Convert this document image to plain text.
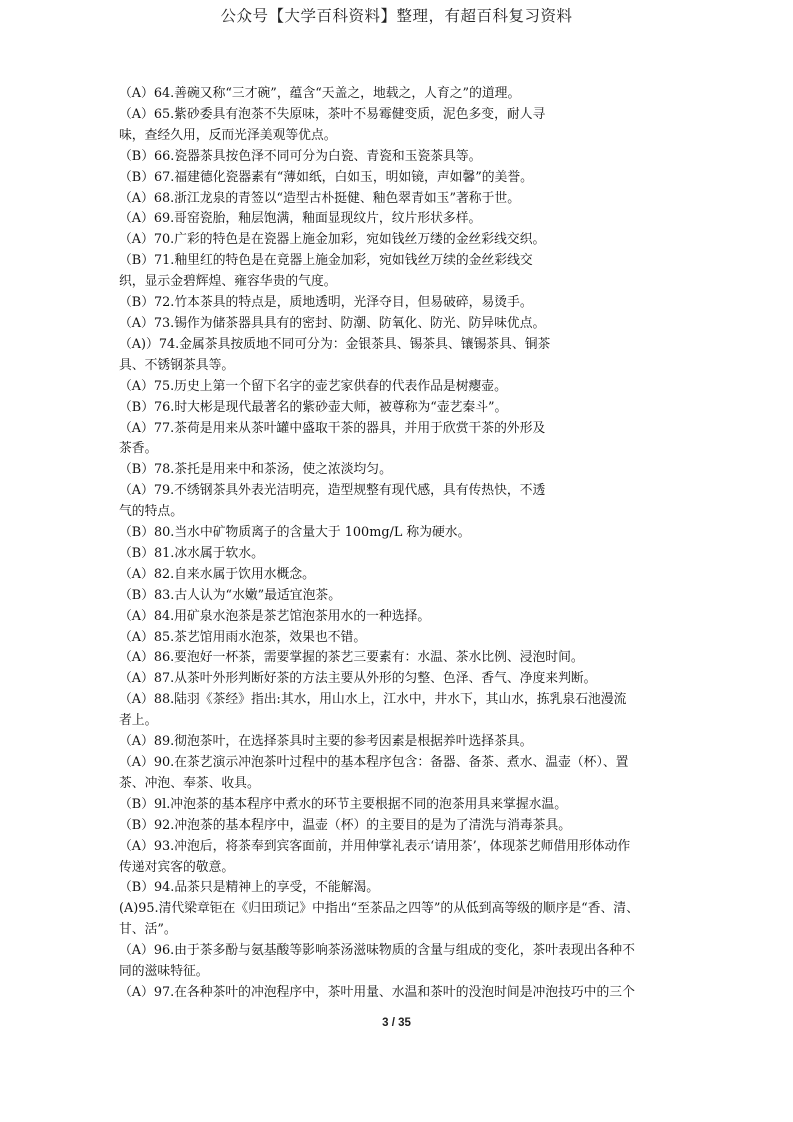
公众号【大学百科资料】整理，有超百科复习资料
（A）64.善碗又称“三才碗”，蕴含“天盖之，地载之，人育之”的道理。
（A）65.紫砂委具有泡茶不失原味，茶叶不易霉健变质，泥色多变，耐人寻
味，查经久用，反而光泽美观等优点。
（B）66.瓷器茶具按色泽不同可分为白瓷、青瓷和玉瓷茶具等。
（B）67.福建德化瓷器素有“薄如纸，白如玉，明如镜，声如馨”的美誉。
（A）68.浙江龙泉的青签以“造型古朴挺健、釉色翠青如玉”著称于世。
（A）69.哥窑瓷胎，釉层饱满，釉面显现纹片，纹片形状多样。
（A）70.广彩的特色是在瓷器上施金加彩，宛如钱丝万缕的金丝彩线交织。
（B）71.釉里红的特色是在竟器上施金加彩，宛如钱丝万续的金丝彩线交
织，显示金碧辉煌、雍容华贵的气度。
（B）72.竹本茶具的特点是，质地透明，光泽夺目，但易破碎，易烫手。
（A）73.锡作为储茶器具具有的密封、防潮、防氧化、防光、防异味优点。
（A)）74.金属茶具按质地不同可分为：金银茶具、锡茶具、镶锡茶具、铜茶
具、不锈钢茶具等。
（A）75.历史上第一个留下名字的壶艺家供春的代表作品是树瘿壶。
（B）76.时大彬是现代最著名的紫砂壶大师，被尊称为“壶艺秦斗”。
（A）77.茶荷是用来从茶叶罐中盛取干茶的器具，并用于欣赏干茶的外形及
茶香。
（B）78.茶托是用来中和茶汤，使之浓淡均匀。
（A）79.不绣钢茶具外表光洁明亮，造型规整有现代感，具有传热快，不透
气的特点。
（B）80.当水中矿物质离子的含量大于 100mg/L 称为硬水。
（B）81.冰水属于软水。
（A）82.自来水属于饮用水概念。
（B）83.古人认为“水嫩”最适宜泡茶。
（A）84.用矿泉水泡茶是茶艺馆泡茶用水的一种选择。
（A）85.茶艺馆用雨水泡茶，效果也不错。
（A）86.要泡好一杯茶，需要掌握的茶艺三要素有：水温、茶水比例、浸泡时间。
（A）87.从茶叶外形判断好茶的方法主要从外形的匀整、色泽、香气、净度来判断。
（A）88.陆羽《茶经》指出:其水，用山水上，江水中，井水下，其山水，拣乳泉石池漫流
者上。
（A）89.彻泡茶叶，在选择茶具时主要的参考因素是根据养叶选择茶具。
（A）90.在茶艺演示冲泡茶叶过程中的基本程序包含：备器、备茶、煮水、温壶（杯）、置
茶、冲泡、奉茶、收具。
（B）9l.冲泡茶的基本程序中煮水的环节主要根据不同的泡茶用具来掌握水温。
（B）92.冲泡茶的基本程序中，温壶（杯）的主要目的是为了清洗与消毒茶具。
（A）93.冲泡后，将茶奉到宾客面前，并用伸掌礼表示‘请用茶’，体现茶艺师借用形体动作
传递对宾客的敬意。
（B）94.品茶只是精神上的享受，不能解渴。
(A)95.清代梁章钜在《归田琐记》中指出“至茶品之四等”的从低到高等级的顺序是“香、清、
甘、活”。
（A）96.由于茶多酚与氨基酸等影响茶汤滋味物质的含量与组成的变化，茶叶表现出各种不
同的滋味特征。
（A）97.在各种茶叶的冲泡程序中，茶叶用量、水温和茶叶的没泡时间是冲泡技巧中的三个
3 / 35
